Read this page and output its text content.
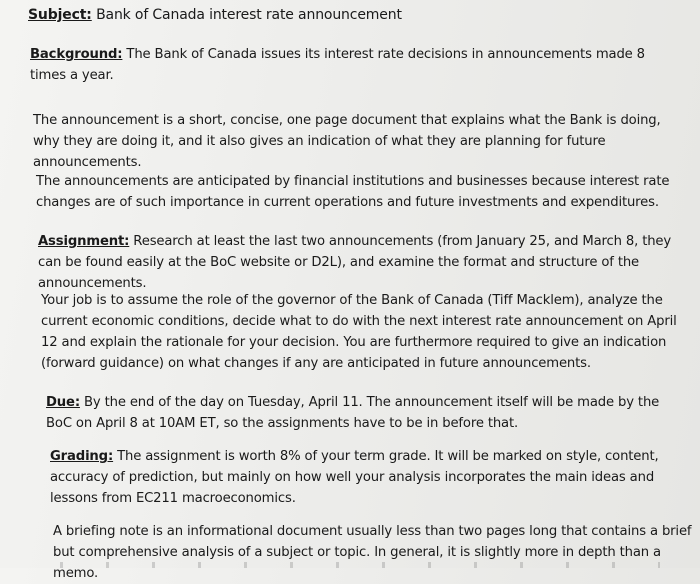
Subject: Bank of Canada interest rate announcement

Background: The Bank of Canada issues its interest rate decisions in announcements made 8 times a year.

The announcement is a short, concise, one page document that explains what the Bank is doing, why they are doing it, and it also gives an indication of what they are planning for future announcements.

The announcements are anticipated by financial institutions and businesses because interest rate changes are of such importance in current operations and future investments and expenditures.

Assignment: Research at least the last two announcements (from January 25, and March 8, they can be found easily at the BoC website or D2L), and examine the format and structure of the announcements.

Your job is to assume the role of the governor of the Bank of Canada (Tiff Macklem), analyze the current economic conditions, decide what to do with the next interest rate announcement on April 12 and explain the rationale for your decision. You are furthermore required to give an indication (forward guidance) on what changes if any are anticipated in future announcements.

Due: By the end of the day on Tuesday, April 11. The announcement itself will be made by the BoC on April 8 at 10AM ET, so the assignments have to be in before that.

Grading: The assignment is worth 8% of your term grade. It will be marked on style, content, accuracy of prediction, but mainly on how well your analysis incorporates the main ideas and lessons from EC211 macroeconomics.

A briefing note is an informational document usually less than two pages long that contains a brief but comprehensive analysis of a subject or topic. In general, it is slightly more in depth than a memo.
